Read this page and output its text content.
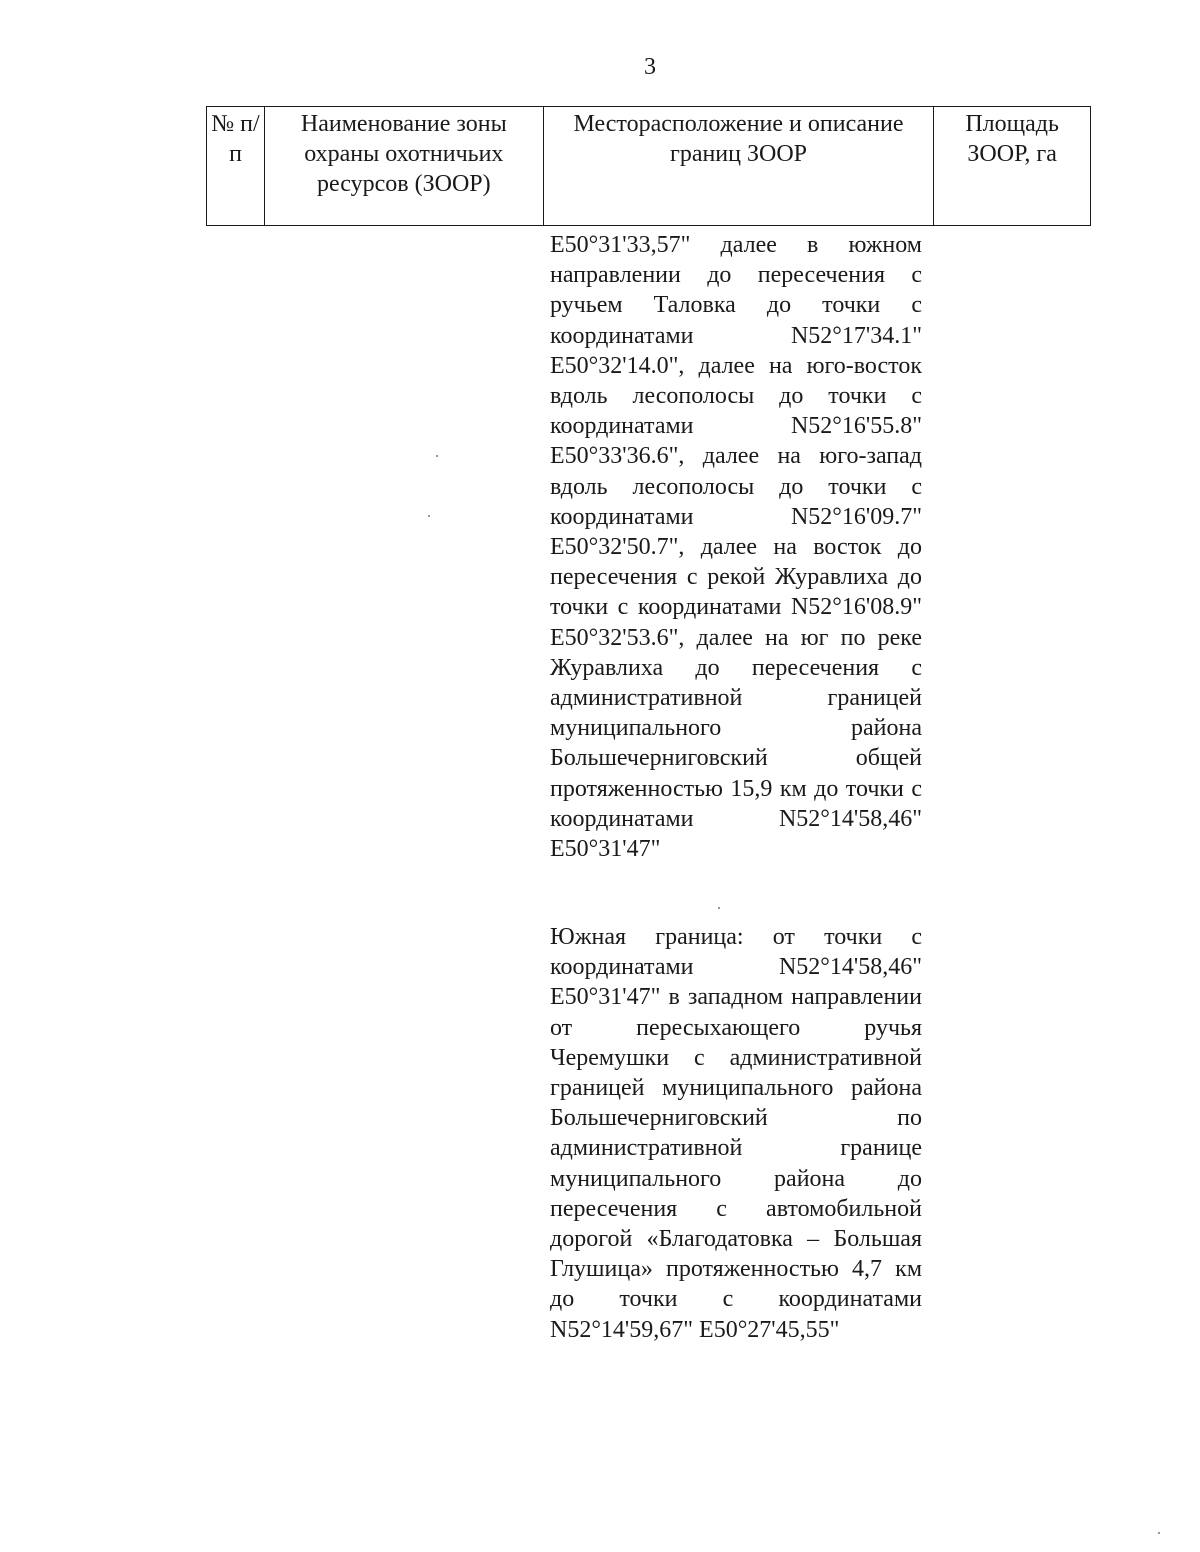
3
№ п/п	Наименование зоны охраны охотничьих ресурсов (ЗООР)	Месторасположение и описание границ ЗООР	Площадь ЗООР, га

E50°31'33,57" далее в южном направлении до пересечения с ручьем Таловка до точки с координатами N52°17'34.1" E50°32'14.0", далее на юго-восток вдоль лесополосы до точки с координатами N52°16'55.8" E50°33'36.6", далее на юго-запад вдоль лесополосы до точки с координатами N52°16'09.7" E50°32'50.7", далее на восток до пересечения с рекой Журавлиха до точки с координатами N52°16'08.9" E50°32'53.6", далее на юг по реке Журавлиха до пересечения с административной границей муниципального района Большечерниговский общей протяженностью 15,9 км до точки с координатами N52°14'58,46" E50°31'47"

Южная граница: от точки с координатами N52°14'58,46" E50°31'47" в западном направлении от пересыхающего ручья Черемушки с административной границей муниципального района Большечерниговский по административной границе муниципального района до пересечения с автомобильной дорогой «Благодатовка – Большая Глушица» протяженностью 4,7 км до точки с координатами N52°14'59,67" E50°27'45,55"
